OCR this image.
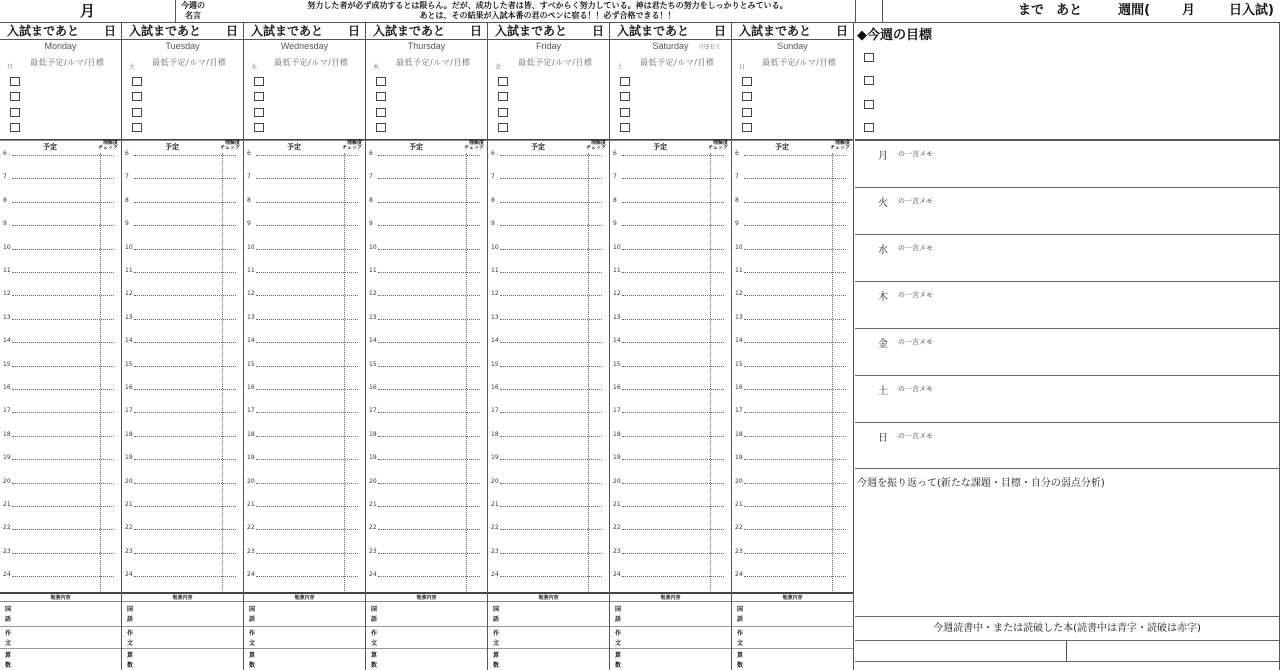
月	今週の
名言
努力した者が必ず成功するとは限らん。だが、成功した者は皆、すべからく努力している。神は君たちの努力をしっかりとみている。
あとは、その結果が入試本番の君のペンに宿る！！必ず合格できる！！	まで あと	週間( 月	日入試)
入試まであと 日
Monday
月
最低予定/ルマ/目標
予定	理解度
チェック
6
7
8
9
10
11
12
13
14
15
16
17
18
19
20
21
22
23
24
勉強内容
国
語
作
文
算
数
入試まであと 日
Tuesday
火
最低予定/ルマ/目標
予定	理解度
チェック
6
7
8
9
10
11
12
13
14
15
16
17
18
19
20
21
22
23
24
勉強内容
国
語
作
文
算
数
入試まであと 日
Wednesday
水
最低予定/ルマ/目標
予定	理解度
チェック
6
7
8
9
10
11
12
13
14
15
16
17
18
19
20
21
22
23
24
勉強内容
国
語
作
文
算
数
入試まであと 日
Thursday
木
最低予定/ルマ/目標
予定	理解度
チェック
6
7
8
9
10
11
12
13
14
15
16
17
18
19
20
21
22
23
24
勉強内容
国
語
作
文
算
数
入試まであと 日
Friday
金
最低予定/ルマ/目標
予定	理解度
チェック
6
7
8
9
10
11
12
13
14
15
16
17
18
19
20
21
22
23
24
勉強内容
国
語
作
文
算
数
入試まであと 日
Saturday	中3ゼミ
土
最低予定/ルマ/目標
予定	理解度
チェック
6
7
8
9
10
11
12
13
14
15
16
17
18
19
20
21
22
23
24
勉強内容
国
語
作
文
算
数
入試まであと 日
Sunday
日
最低予定/ルマ/目標
予定	理解度
チェック
6
7
8
9
10
11
12
13
14
15
16
17
18
19
20
21
22
23
24
勉強内容
国
語
作
文
算
数
◆今週の目標
月 の一言メモ
火 の一言メモ
水 の一言メモ
木 の一言メモ
金 の一言メモ
土 の一言メモ
日 の一言メモ
今週を振り返って(新たな課題・目標・自分の弱点分析)
今週読書中・または読破した本(読書中は青字・読破は赤字)
